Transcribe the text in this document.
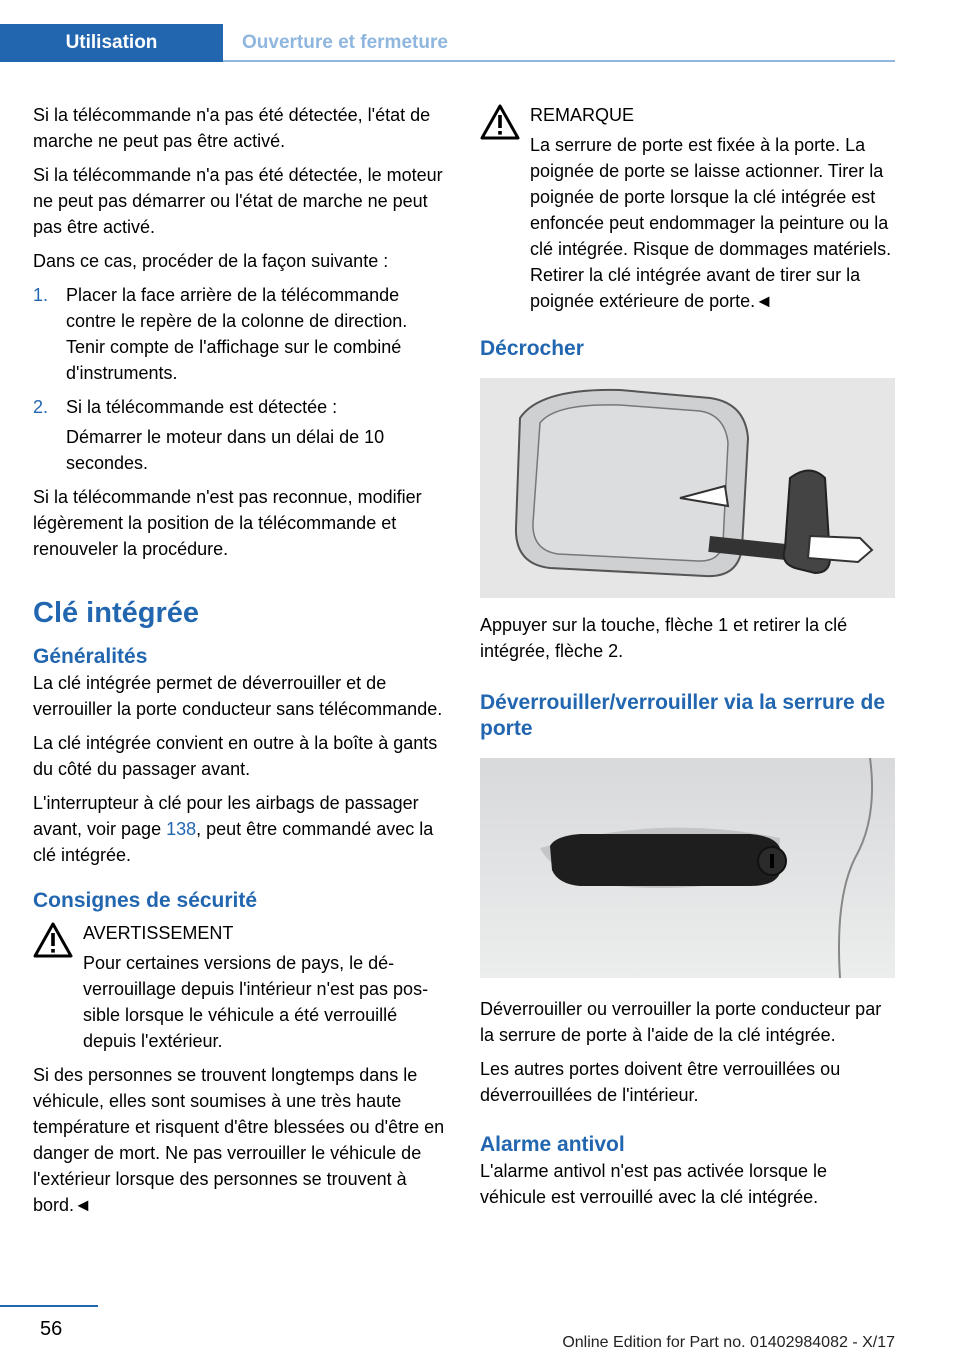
Utilisation	Ouverture et fermeture

Si la télécommande n'a pas été détectée, l'état de marche ne peut pas être activé.

Si la télécommande n'a pas été détectée, le moteur ne peut pas démarrer ou l'état de marche ne peut pas être activé.

Dans ce cas, procéder de la façon suivante :

1. Placer la face arrière de la télécommande contre le repère de la colonne de direction. Tenir compte de l'affichage sur le combiné d'instruments.
2. Si la télécommande est détectée :
Démarrer le moteur dans un délai de 10 secondes.

Si la télécommande n'est pas reconnue, modifier légèrement la position de la télécommande et renouveler la procédure.

Clé intégrée
Généralités

La clé intégrée permet de déverrouiller et de verrouiller la porte conducteur sans télécommande.

La clé intégrée convient en outre à la boîte à gants du côté du passager avant.

L'interrupteur à clé pour les airbags de passager avant, voir page 138, peut être commandé avec la clé intégrée.

Consignes de sécurité
AVERTISSEMENT

Pour certaines versions de pays, le déverrouillage depuis l'intérieur n'est pas possible lorsque le véhicule a été verrouillé depuis l'extérieur.

Si des personnes se trouvent longtemps dans le véhicule, elles sont soumises à une très haute température et risquent d'être blessées ou d'être en danger de mort. Ne pas verrouiller le véhicule de l'extérieur lorsque des personnes se trouvent à bord.◄

REMARQUE

La serrure de porte est fixée à la porte. La poignée de porte se laisse actionner. Tirer la poignée de porte lorsque la clé intégrée est enfoncée peut endommager la peinture ou la clé intégrée. Risque de dommages matériels. Retirer la clé intégrée avant de tirer sur la poignée extérieure de porte.◄

Décrocher

Appuyer sur la touche, flèche 1 et retirer la clé intégrée, flèche 2.

Déverrouiller/verrouiller via la serrure de porte

Déverrouiller ou verrouiller la porte conducteur par la serrure de porte à l'aide de la clé intégrée.

Les autres portes doivent être verrouillées ou déverrouillées de l'intérieur.

Alarme antivol

L'alarme antivol n'est pas activée lorsque le véhicule est verrouillé avec la clé intégrée.

56
Online Edition for Part no. 01402984082 - X/17
